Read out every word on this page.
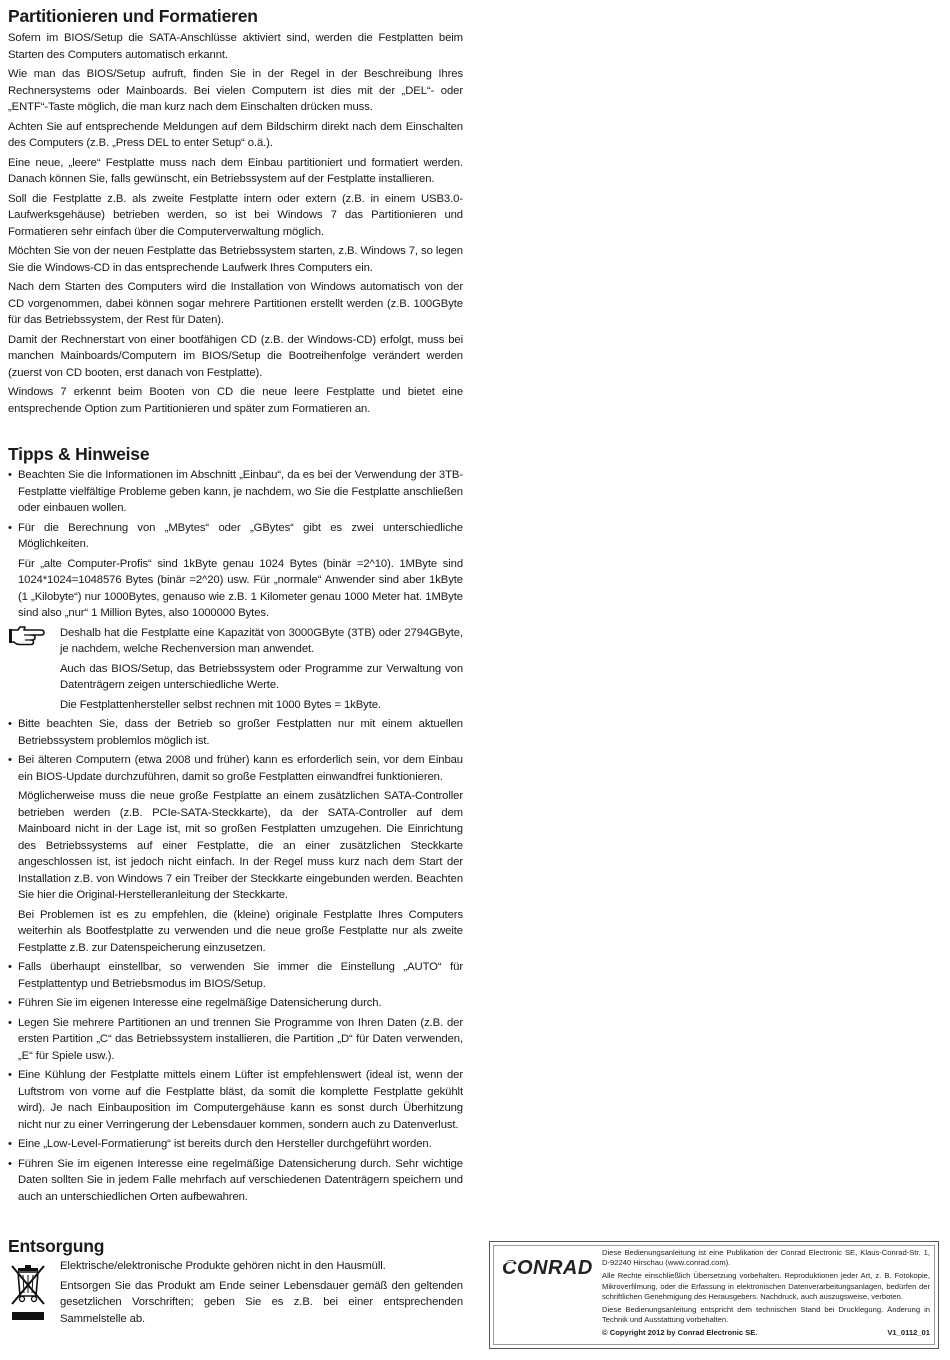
Partitionieren und Formatieren

Sofern im BIOS/Setup die SATA-Anschlüsse aktiviert sind, werden die Festplatten beim Starten des Computers automatisch erkannt.

Wie man das BIOS/Setup aufruft, finden Sie in der Regel in der Beschreibung Ihres Rechnersystems oder Mainboards. Bei vielen Computern ist dies mit der „DEL“- oder „ENTF“-Taste möglich, die man kurz nach dem Einschalten drücken muss.

Achten Sie auf entsprechende Meldungen auf dem Bildschirm direkt nach dem Einschalten des Computers (z.B. „Press DEL to enter Setup“ o.ä.).

Eine neue, „leere“ Festplatte muss nach dem Einbau partitioniert und formatiert werden. Danach können Sie, falls gewünscht, ein Betriebssystem auf der Festplatte installieren.

Soll die Festplatte z.B. als zweite Festplatte intern oder extern (z.B. in einem USB3.0-Laufwerksgehäuse) betrieben werden, so ist bei Windows 7 das Partitionieren und Formatieren sehr einfach über die Computerverwaltung möglich.

Möchten Sie von der neuen Festplatte das Betriebssystem starten, z.B. Windows 7, so legen Sie die Windows-CD in das entsprechende Laufwerk Ihres Computers ein.

Nach dem Starten des Computers wird die Installation von Windows automatisch von der CD vorgenommen, dabei können sogar mehrere Partitionen erstellt werden (z.B. 100GByte für das Betriebssystem, der Rest für Daten).

Damit der Rechnerstart von einer bootfähigen CD (z.B. der Windows-CD) erfolgt, muss bei manchen Mainboards/Computern im BIOS/Setup die Bootreihenfolge verändert werden (zuerst von CD booten, erst danach von Festplatte).

Windows 7 erkennt beim Booten von CD die neue leere Festplatte und bietet eine entsprechende Option zum Partitionieren und später zum Formatieren an.

Tipps & Hinweise

• Beachten Sie die Informationen im Abschnitt „Einbau“, da es bei der Verwendung der 3TB-Festplatte vielfältige Probleme geben kann, je nachdem, wo Sie die Festplatte anschließen oder einbauen wollen.

• Für die Berechnung von „MBytes“ oder „GBytes“ gibt es zwei unterschiedliche Möglichkeiten.

Für „alte Computer-Profis“ sind 1kByte genau 1024 Bytes (binär =2^10). 1MByte sind 1024*1024=1048576 Bytes (binär =2^20) usw. Für „normale“ Anwender sind aber 1kByte (1 „Kilobyte“) nur 1000Bytes, genauso wie z.B. 1 Kilometer genau 1000 Meter hat. 1MByte sind also „nur“ 1 Million Bytes, also 1000000 Bytes.

Deshalb hat die Festplatte eine Kapazität von 3000GByte (3TB) oder 2794GByte, je nachdem, welche Rechenversion man anwendet.

Auch das BIOS/Setup, das Betriebssystem oder Programme zur Verwaltung von Datenträgern zeigen unterschiedliche Werte.

Die Festplattenhersteller selbst rechnen mit 1000 Bytes = 1kByte.

• Bitte beachten Sie, dass der Betrieb so großer Festplatten nur mit einem aktuellen Betriebssystem problemlos möglich ist.

• Bei älteren Computern (etwa 2008 und früher) kann es erforderlich sein, vor dem Einbau ein BIOS-Update durchzuführen, damit so große Festplatten einwandfrei funktionieren.

Möglicherweise muss die neue große Festplatte an einem zusätzlichen SATA-Controller betrieben werden (z.B. PCIe-SATA-Steckkarte), da der SATA-Controller auf dem Mainboard nicht in der Lage ist, mit so großen Festplatten umzugehen. Die Einrichtung des Betriebssystems auf einer Festplatte, die an einer zusätzlichen Steckkarte angeschlossen ist, ist jedoch nicht einfach. In der Regel muss kurz nach dem Start der Installation z.B. von Windows 7 ein Treiber der Steckkarte eingebunden werden. Beachten Sie hier die Original-Herstelleranleitung der Steckkarte.

Bei Problemen ist es zu empfehlen, die (kleine) originale Festplatte Ihres Computers weiterhin als Bootfestplatte zu verwenden und die neue große Festplatte nur als zweite Festplatte z.B. zur Datenspeicherung einzusetzen.

• Falls überhaupt einstellbar, so verwenden Sie immer die Einstellung „AUTO“ für Festplattentyp und Betriebsmodus im BIOS/Setup.

• Führen Sie im eigenen Interesse eine regelmäßige Datensicherung durch.

• Legen Sie mehrere Partitionen an und trennen Sie Programme von Ihren Daten (z.B. der ersten Partition „C“ das Betriebssystem installieren, die Partition „D“ für Daten verwenden, „E“ für Spiele usw.).

• Eine Kühlung der Festplatte mittels einem Lüfter ist empfehlenswert (ideal ist, wenn der Luftstrom von vorne auf die Festplatte bläst, da somit die komplette Festplatte gekühlt wird). Je nach Einbauposition im Computergehäuse kann es sonst durch Überhitzung nicht nur zu einer Verringerung der Lebensdauer kommen, sondern auch zu Datenverlust.

• Eine „Low-Level-Formatierung“ ist bereits durch den Hersteller durchgeführt worden.

• Führen Sie im eigenen Interesse eine regelmäßige Datensicherung durch. Sehr wichtige Daten sollten Sie in jedem Falle mehrfach auf verschiedenen Datenträgern speichern und auch an unterschiedlichen Orten aufbewahren.

Entsorgung

Elektrische/elektronische Produkte gehören nicht in den Hausmüll.

Entsorgen Sie das Produkt am Ende seiner Lebensdauer gemäß den geltenden gesetzlichen Vorschriften; geben Sie es z.B. bei einer entsprechenden Sammelstelle ab.

CONRAD

Diese Bedienungsanleitung ist eine Publikation der Conrad Electronic SE, Klaus-Conrad-Str. 1, D-92240 Hirschau (www.conrad.com).

Alle Rechte einschließlich Übersetzung vorbehalten. Reproduktionen jeder Art, z. B. Fotokopie, Mikroverfilmung, oder die Erfassung in elektronischen Datenverarbeitungsanlagen, bedürfen der schriftlichen Genehmigung des Herausgebers. Nachdruck, auch auszugsweise, verboten.

Diese Bedienungsanleitung entspricht dem technischen Stand bei Drucklegung. Änderung in Technik und Ausstattung vorbehalten.

© Copyright 2012 by Conrad Electronic SE.	V1_0112_01
